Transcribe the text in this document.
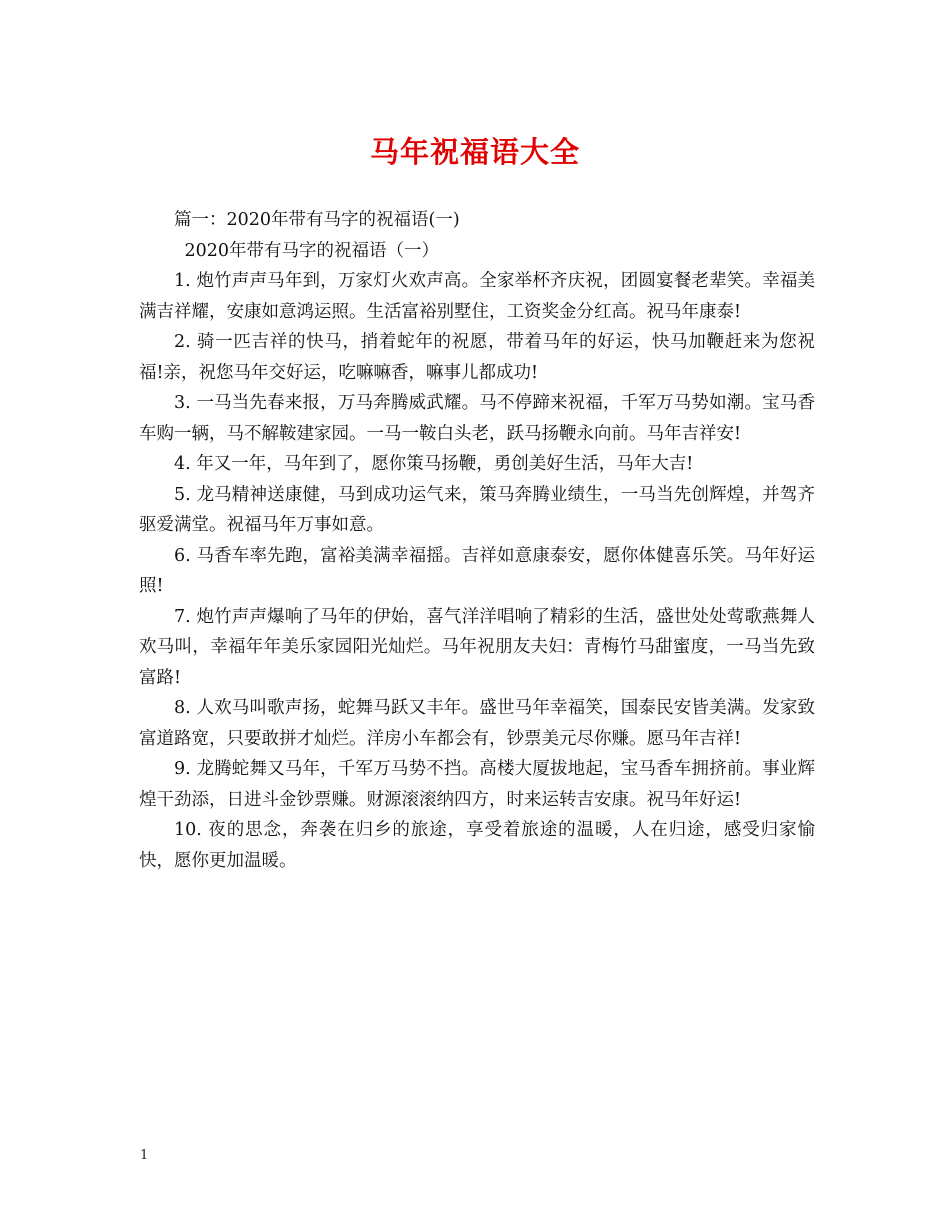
马年祝福语大全

篇一：2020年带有马字的祝福语(一)

2020年带有马字的祝福语（一）

1. 炮竹声声马年到，万家灯火欢声高。全家举杯齐庆祝，团圆宴餐老辈笑。幸福美满吉祥耀，安康如意鸿运照。生活富裕别墅住，工资奖金分红高。祝马年康泰!

2. 骑一匹吉祥的快马，捎着蛇年的祝愿，带着马年的好运，快马加鞭赶来为您祝福!亲，祝您马年交好运，吃嘛嘛香，嘛事儿都成功!

3. 一马当先春来报，万马奔腾威武耀。马不停蹄来祝福，千军万马势如潮。宝马香车购一辆，马不解鞍建家园。一马一鞍白头老，跃马扬鞭永向前。马年吉祥安!

4. 年又一年，马年到了，愿你策马扬鞭，勇创美好生活，马年大吉!

5. 龙马精神送康健，马到成功运气来，策马奔腾业绩生，一马当先创辉煌，并驾齐驱爱满堂。祝福马年万事如意。

6. 马香车率先跑，富裕美满幸福摇。吉祥如意康泰安，愿你体健喜乐笑。马年好运照!

7. 炮竹声声爆响了马年的伊始，喜气洋洋唱响了精彩的生活，盛世处处莺歌燕舞人欢马叫，幸福年年美乐家园阳光灿烂。马年祝朋友夫妇：青梅竹马甜蜜度，一马当先致富路!

8. 人欢马叫歌声扬，蛇舞马跃又丰年。盛世马年幸福笑，国泰民安皆美满。发家致富道路宽，只要敢拼才灿烂。洋房小车都会有，钞票美元尽你赚。愿马年吉祥!

9. 龙腾蛇舞又马年，千军万马势不挡。高楼大厦拔地起，宝马香车拥挤前。事业辉煌干劲添，日进斗金钞票赚。财源滚滚纳四方，时来运转吉安康。祝马年好运!

10. 夜的思念，奔袭在归乡的旅途，享受着旅途的温暖，人在归途，感受归家愉快，愿你更加温暖。

1
